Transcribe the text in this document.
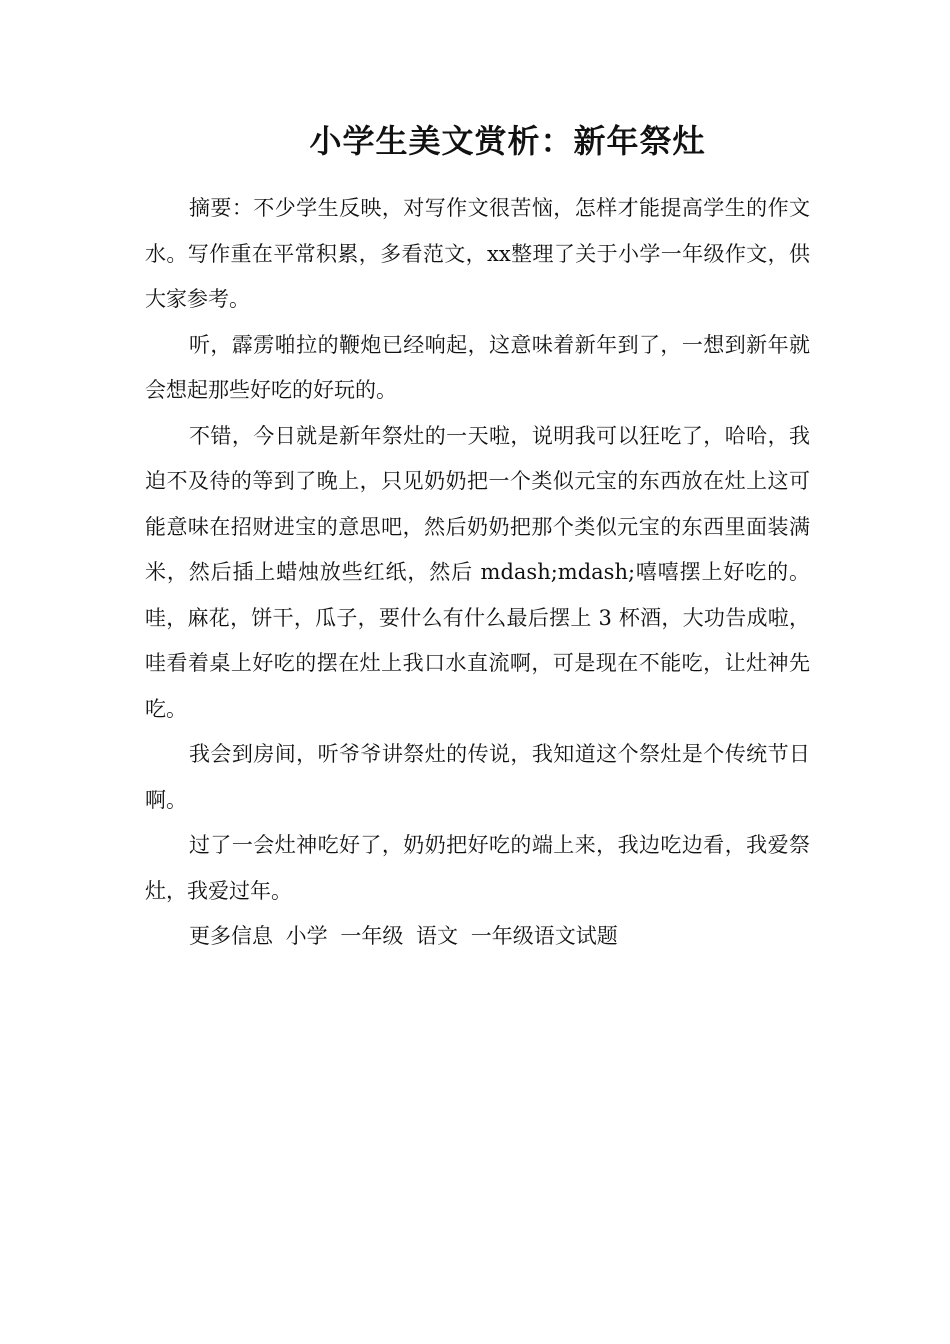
小学生美文赏析：新年祭灶

摘要：不少学生反映，对写作文很苦恼，怎样才能提高学生的作文水。写作重在平常积累，多看范文，xx整理了关于小学一年级作文，供大家参考。

听，霹雳啪拉的鞭炮已经响起，这意味着新年到了，一想到新年就会想起那些好吃的好玩的。

不错，今日就是新年祭灶的一天啦，说明我可以狂吃了，哈哈，我迫不及待的等到了晚上，只见奶奶把一个类似元宝的东西放在灶上这可能意味在招财进宝的意思吧，然后奶奶把那个类似元宝的东西里面装满米，然后插上蜡烛放些红纸，然后 mdash;mdash;嘻嘻摆上好吃的。哇，麻花，饼干，瓜子，要什么有什么最后摆上 3 杯酒，大功告成啦，哇看着桌上好吃的摆在灶上我口水直流啊，可是现在不能吃，让灶神先吃。

我会到房间，听爷爷讲祭灶的传说，我知道这个祭灶是个传统节日啊。

过了一会灶神吃好了，奶奶把好吃的端上来，我边吃边看，我爱祭灶，我爱过年。

更多信息 小学 一年级 语文 一年级语文试题
